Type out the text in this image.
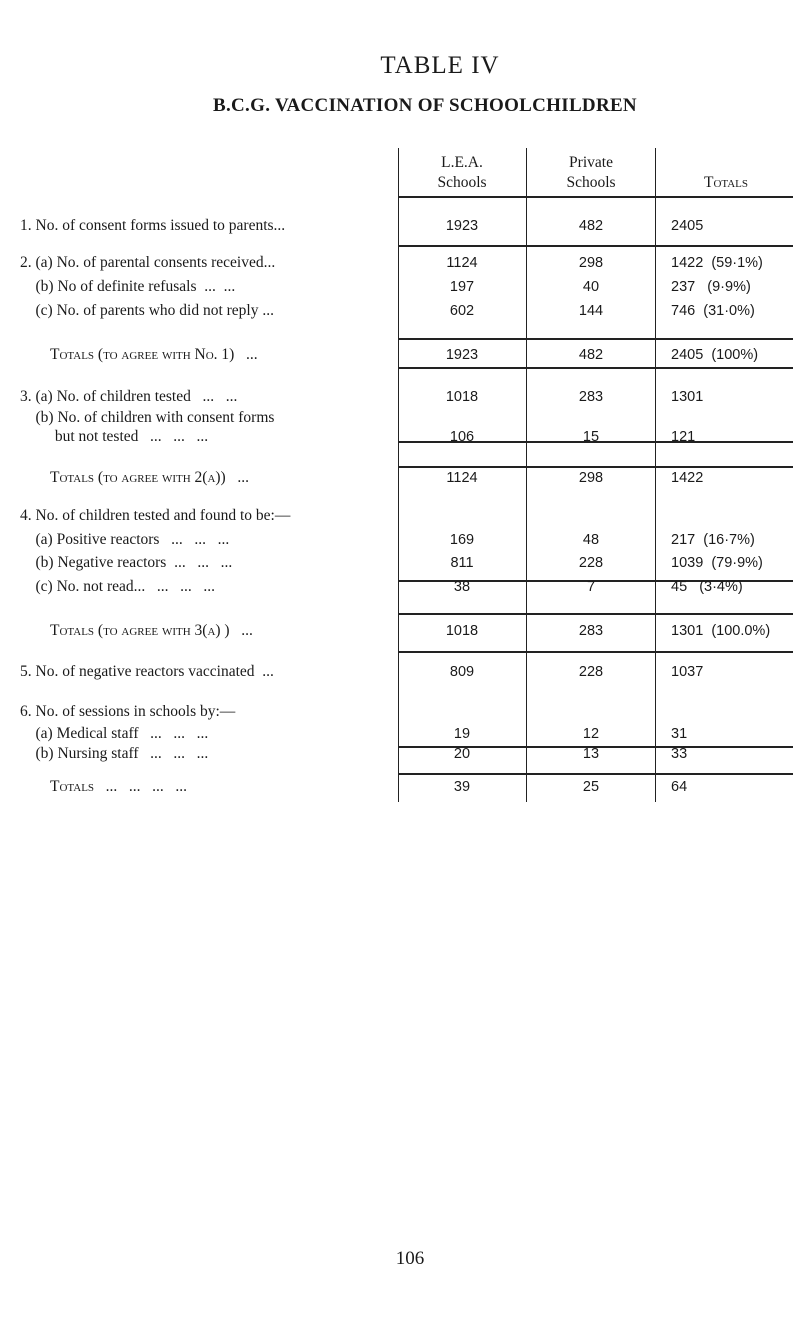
TABLE IV
B.C.G. VACCINATION OF SCHOOLCHILDREN
L.E.A.
Schools
Private
Schools	Totals
1. No. of consent forms issued to parents...
2. (a) No. of parental consents received...
(b) No of definite refusals  ...  ...
(c) No. of parents who did not reply ...
Totals (to agree with No. 1)   ...
3. (a) No. of children tested   ...   ...
(b) No. of children with consent forms
but not tested   ...   ...   ...
Totals (to agree with 2(a))   ...
4. No. of children tested and found to be:—
(a) Positive reactors   ...   ...   ...
(b) Negative reactors  ...   ...   ...
(c) No. not read...   ...   ...   ...
Totals (to agree with 3(a) )   ...
5. No. of negative reactors vaccinated  ...
6. No. of sessions in schools by:—
(a) Medical staff   ...   ...   ...
(b) Nursing staff   ...   ...   ...
Totals   ...   ...   ...   ...
1923
1124
197
602
1923
1018
106
1124
169
811
38
1018
809
19
20
39
482
298
40
144
482
283
15
298
48
228
7
283
228
12
13
25
2405
1422  (59·1%)
237   (9·9%)
746  (31·0%)
2405  (100%)
1301
121
1422
217  (16·7%)
1039  (79·9%)
45   (3·4%)
1301  (100.0%)
1037
31
33
64
106
